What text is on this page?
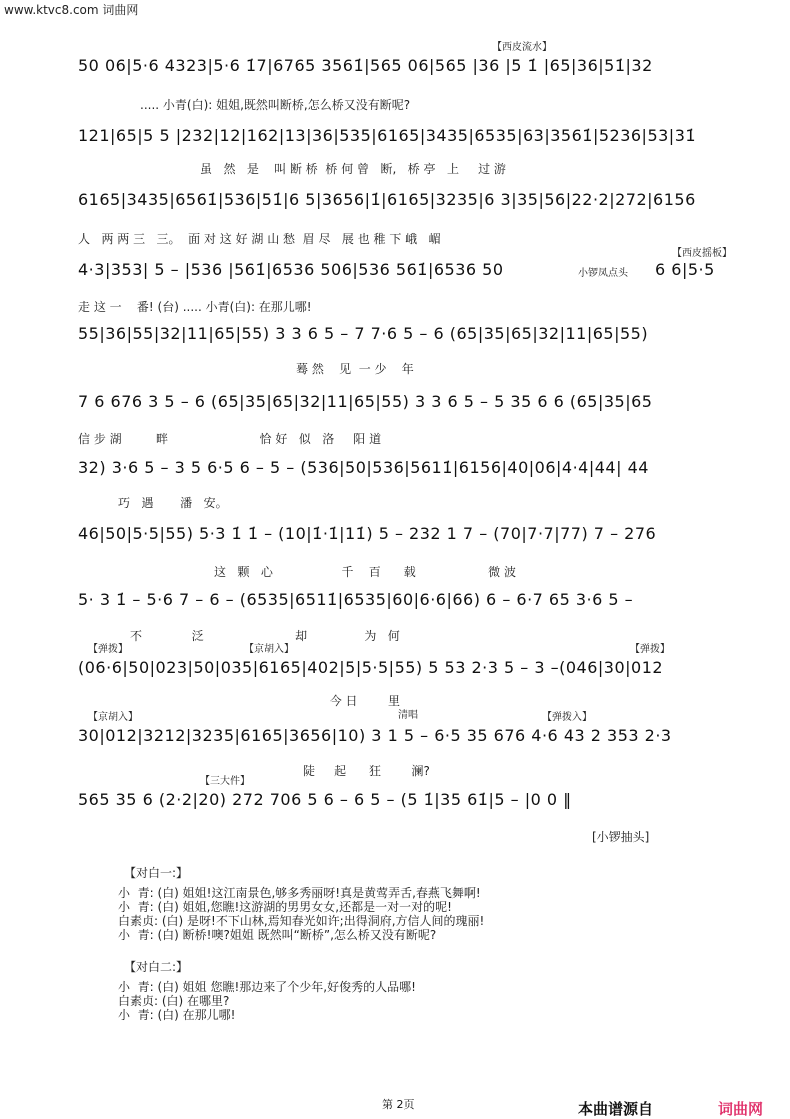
www.ktvc8.com 词曲网
50 06|5·6 4323|5·6 1̇7|6765 3561̇|565 06|565 |36 |5 1̇ |65|36|51̇|32
【西皮流水】
..... 小青(白): 姐姐,既然叫断桥,怎么桥又没有断呢?
121|65|5 5 |232|12|162|13|36|535|6165|3435|6535|63|3561̇|5236|53|31̇
虽   然   是    叫 断 桥  桥 何 曾   断,   桥 亭   上     过 游
6165|3435|6561̇|536|51̇|6 5|3656|1̇|6165|3235|6 3|35|56|22·2|272|6156
人   两 两 三   三。  面 对 这 好 湖 山 愁  眉 尽   展 也 稚 下 峨   嵋
4·3|353| 5 – |536 |561̇|6536 506|536 561̇|6536 50	小锣凤点头
【西皮摇板】
6 6|5·5
走 这 一    番! (台) ..... 小青(白): 在那儿哪!
55|36|55|32|11|65|55) 3 3 6 5 – 7 7·6 5 – 6 (65|35|65|32|11|65|55)
蓦 然    见  一 少    年
7 6 676 3 5 – 6 (65|35|65|32|11|65|55) 3 3 6 5 – 5 35 6 6 (65|35|65
信 步 湖         畔                        恰 好   似   洛     阳 道
32) 3·6 5 – 3 5 6·5 6 – 5 – (536|50|536|5611̇|6156|40|06|4·4|44| 44
巧   遇       潘   安。
46|50|5·5|55) 5·3 1̇ 1̇ – (10|1̇·1̇|11̇) 5 – 232 1 7 – (70|7·7|77) 7 – 276
这   颗   心                  千    百      载                   微 波
5· 3 1̇ – 5·6 7 – 6 – (6535|6511̇|6535|60|6·6|66) 6 – 6·7 65 3·6 5 –
不             泛                        却               为   何
【弹拨】	【京胡入】	【弹拨】
(06·6|50|023|50|035|6165|402|5|5·5|55) 5 53 2·3 5 – 3 –(046|30|012
今 日        里
【京胡入】	清唱	【弹拨入】
30|012|3212|3235|6165|3656|10) 3 1 5 – 6·5 35 676 4·6 43 2 353 2·3
陡     起      狂        澜?
【三大件】
565 35 6 (2·2|20) 272 706 5 6 – 6 5 – (5 1̇|35 61̇|5 – |0 0 ‖
[小锣抽头]
【对白一:】
小  青: (白) 姐姐!这江南景色,够多秀丽呀!真是黄莺弄舌,春燕飞舞啊!
小  青: (白) 姐姐,您瞧!这游湖的男男女女,还都是一对一对的呢!
白素贞: (白) 是呀!不下山林,焉知春光如许;出得洞府,方信人间的瑰丽!
小  青: (白) 断桥!噢?姐姐 既然叫“断桥”,怎么桥又没有断呢?
【对白二:】
小  青: (白) 姐姐 您瞧!那边来了个少年,好俊秀的人品哪!
白素贞: (白) 在哪里?
小  青: (白) 在那儿哪!
第 2页	本曲谱源自	词曲网
